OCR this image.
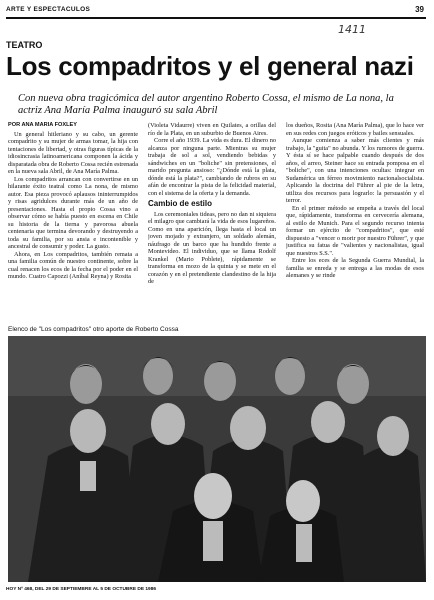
ARTE Y ESPECTACULOS	39
1411
TEATRO
Los compadritos y el general nazi
Con nueva obra tragicómica del autor argentino Roberto Cossa, el mismo de La nona, la actriz Ana María Palma inauguró su sala Abril

POR ANA MARIA FOXLEY

Un general hitleriano y su cabo, un gerente compadrito y su mujer de armas tomar, la hija con tentaciones de libertad, y otras figuras típicas de la idiosincrasia latinoamericana componen la ácida y disparatada obra de Roberto Cossa recién estrenada en la nueva sala Abril, de Ana María Palma.

Los compadritos arrancan con convertirse en un hilarante éxito teatral como La nona, de mismo autor. Esa pieza provocó aplausos ininterrumpidos y risas agridulces durante más de un año de presentaciones. Hasta el propio Cossa vino a observar cómo se había puesto en escena en Chile su historia de la tierna y pavorosa abuela centenaria que termina devorando y destruyendo a toda su familia, por su ansia e incontenible y ancestral de consumir y poder. La gusto.

Ahora, en Los compadritos, también remata a una familia común de nuestro continente, sobre la cual renacen los ecos de la fecha por el poder en el mundo. Cuatro Capozzi (Aníbal Reyna) y Rosita

(Violeta Vidaurre) viven en Quilates, a orillas del río de la Plata, en un suburbio de Buenos Aires.

Corre el año 1939. La vida es dura. El dinero no alcanza por ninguna parte. Mientras su mujer trabaja de sol a sol, vendiendo bebidas y sándwiches en un "boliche" sin pretensiones, el marido pregunta ansioso: "¿Dónde está la plata, dónde está la plata?", cambiando de rubros en su afán de encontrar la pista de la felicidad material, con el sistema de la oferta y la demanda.

Cambio de estilo

Los ceremoniales tideas, pero no dan ni siquiera el milagro que cambiará la vida de esos lugareños. Como en una aparición, llega hasta el local un joven mojado y extranjero, un soldado alemán, náufrago de un barco que ha hundido frente a Montevideo. El individuo, que se llama Rodolf Krankel (Mario Poblete), rápidamente se transforma en mozo de la quinta y se mete en el corazón y en el pretendiente clandestino de la hija de

los dueños, Rosita (Ana María Palma), que lo hace ver en sus redes con juegos eróticos y bailes sensuales.

Aunque comienza a saber más clientes y más trabajo, la "guita" no abunda. Y los rumores de guerra. Y ésta sí se hace palpable cuando después de dos años, el arreo, Steiner hace su entrada pomposa en el "boliche", con una intenciones ocultas: integrar en Sudamérica un férreo movimiento nacionalsocialista. Aplicando la doctrina del Führer al pie de la letra, utiliza dos recursos para lograrlo: la persuasión y el terror.

En el primer método se empeña a través del local que, rápidamente, transforma en cervecería alemana, al estilo de Munich. Para el segundo recurso intenta formar un ejército de "compadritos", que esté dispuesto a "vencer o morir por nuestro Führer", y que justifica su fatua de "valientes y nacionalistas, igual que nuestros S.S.".

Entre los eces de la Segunda Guerra Mundial, la familia se enreda y se entrega a las modas de esos alemanes y se rinde

Elenco de "Los compadritos" otro aporte de Roberto Cossa
HOY Nº 468, DEL 29 DE SEPTIEMBRE AL 5 DE OCTUBRE DE 1986
